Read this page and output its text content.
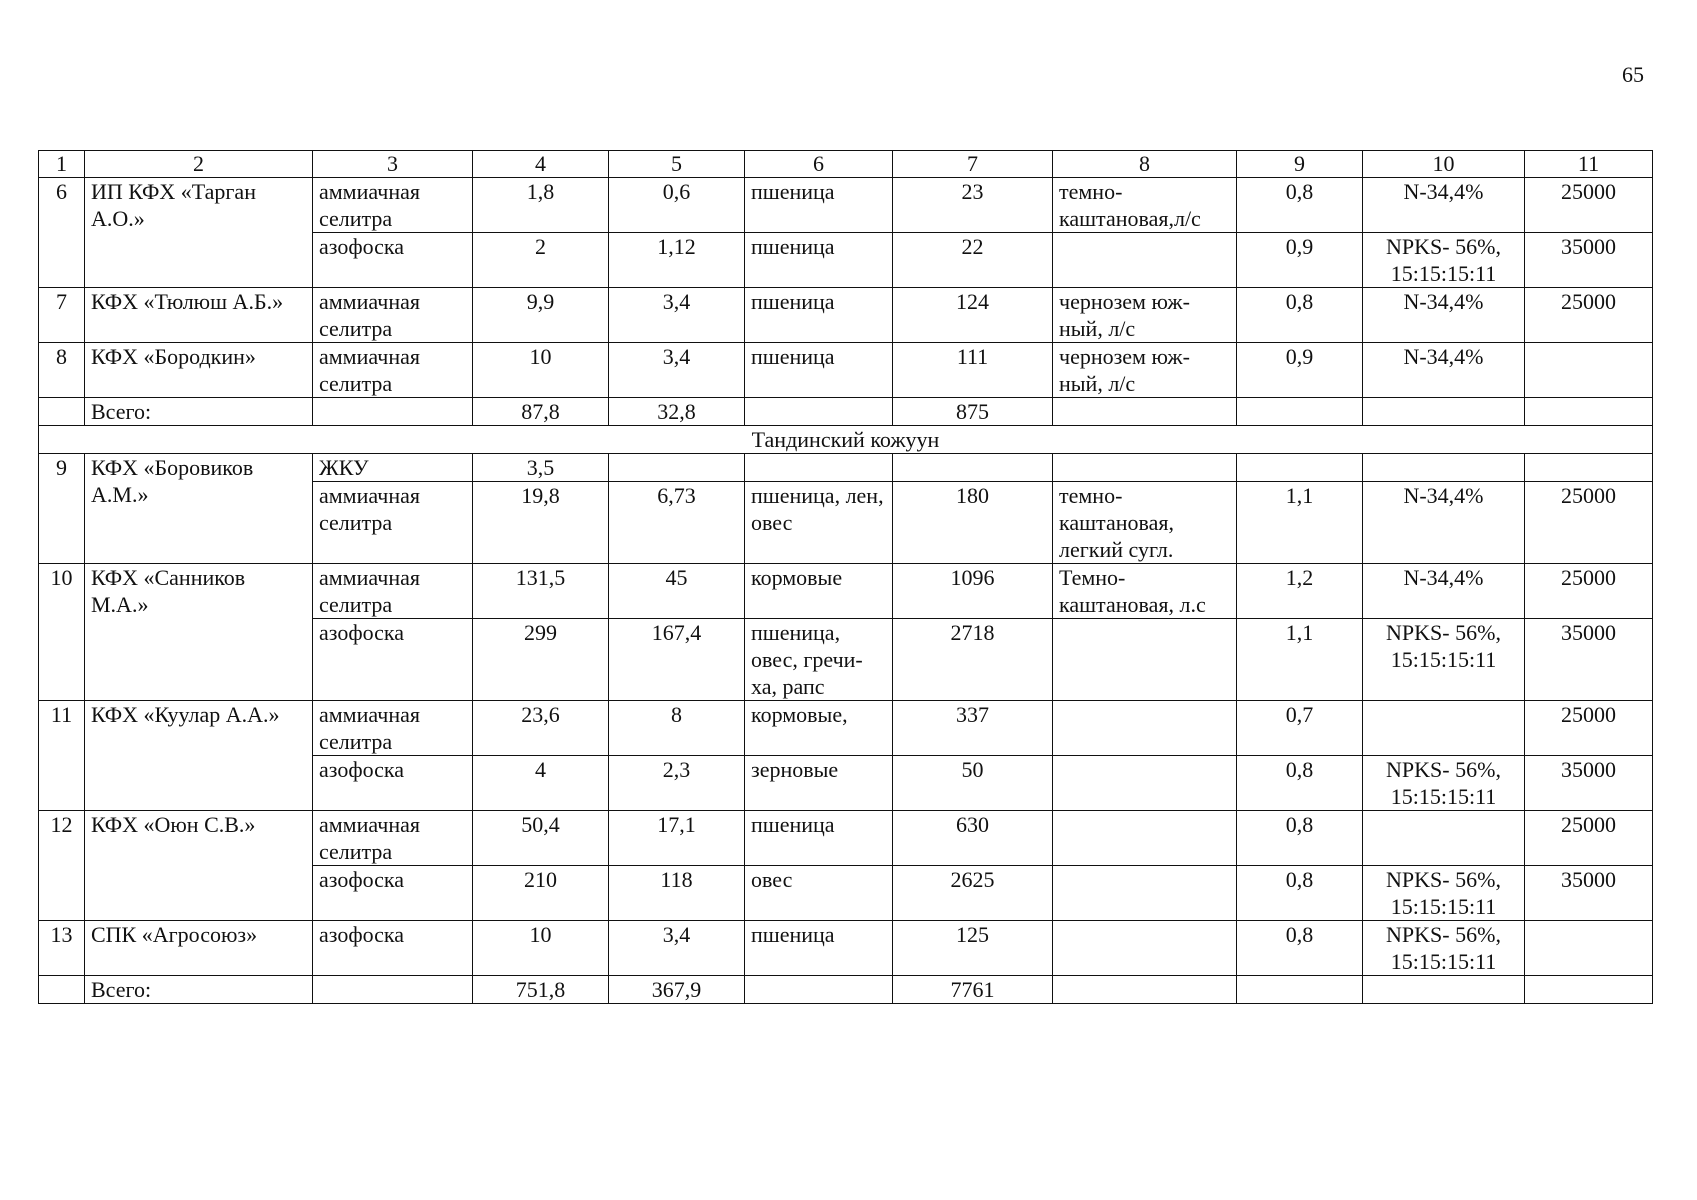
65
1	2	3	4	5	6	7	8	9	10	11
6	ИП КФХ «Тарган А.О.»	аммиачная селитра	1,8	0,6	пшеница	23	темно-каштановая,л/с	0,8	N-34,4%	25000
		азофоска	2	1,12	пшеница	22		0,9	NPKS- 56%, 15:15:15:11	35000
7	КФХ «Тюлюш А.Б.»	аммиачная селитра	9,9	3,4	пшеница	124	чернозем юж-ный, л/с	0,8	N-34,4%	25000
8	КФХ «Бородкин»	аммиачная селитра	10	3,4	пшеница	111	чернозем юж-ный, л/с	0,9	N-34,4%	
	Всего:		87,8	32,8		875				
Тандинский кожуун										
9	КФХ «Боровиков А.М.»	ЖКУ	3,5							
		аммиачная селитра	19,8	6,73	пшеница, лен, овес	180	темно-каштановая, легкий сугл.	1,1	N-34,4%	25000
10	КФХ «Санников М.А.»	аммиачная селитра	131,5	45	кормовые	1096	Темно-каштановая, л.с	1,2	N-34,4%	25000
		азофоска	299	167,4	пшеница, овес, гречи-ха, рапс	2718		1,1	NPKS- 56%, 15:15:15:11	35000
11	КФХ «Куулар А.А.»	аммиачная селитра	23,6	8	кормовые,	337		0,7		25000
		азофоска	4	2,3	зерновые	50		0,8	NPKS- 56%, 15:15:15:11	35000
12	КФХ «Оюн С.В.»	аммиачная селитра	50,4	17,1	пшеница	630		0,8		25000
		азофоска	210	118	овес	2625		0,8	NPKS- 56%, 15:15:15:11	35000
13	СПК «Агросоюз»	азофоска	10	3,4	пшеница	125		0,8	NPKS- 56%, 15:15:15:11	
	Всего:		751,8	367,9		7761				
